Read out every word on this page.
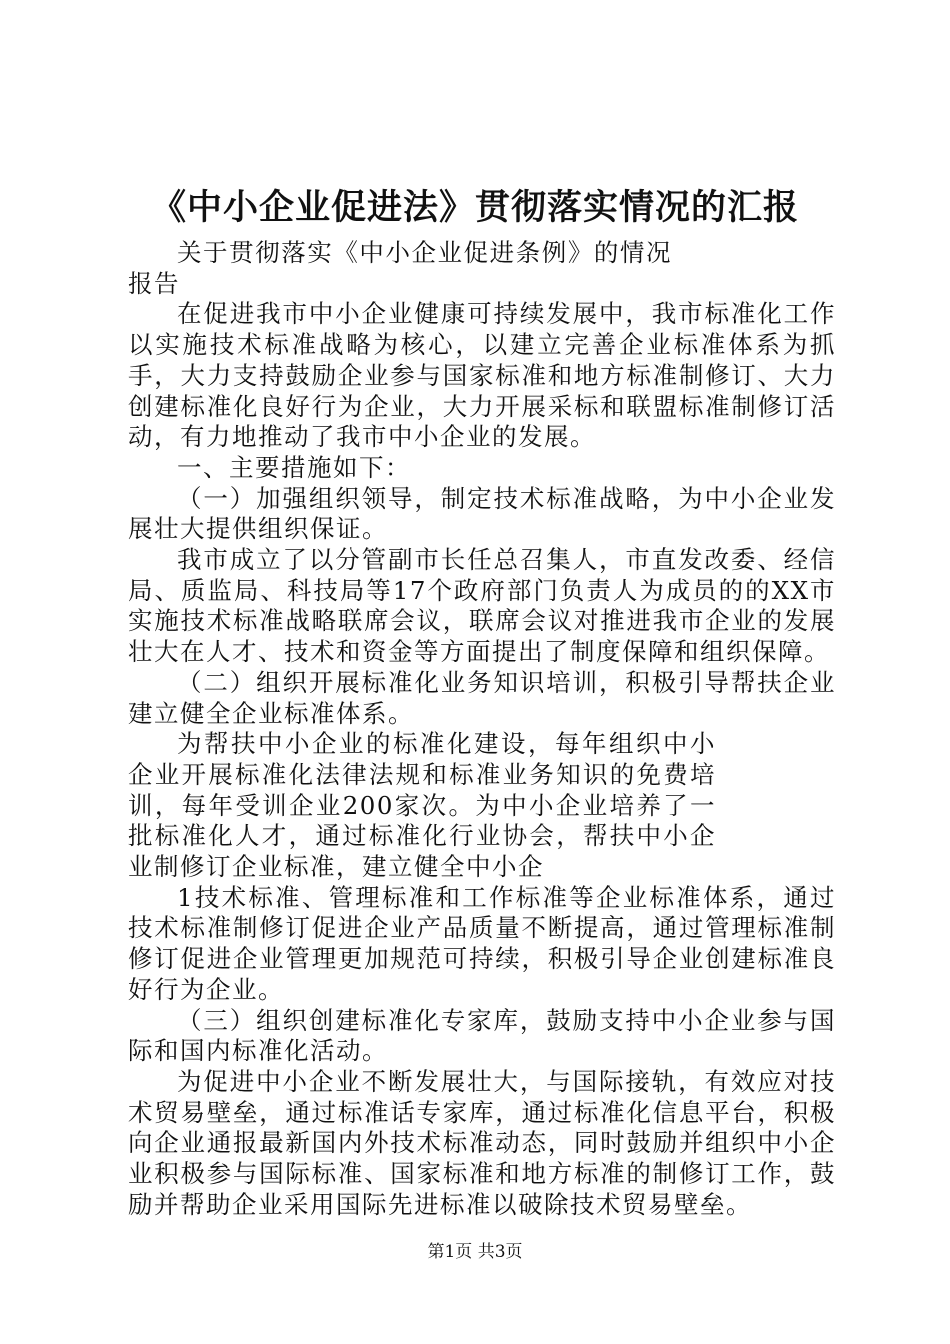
《中小企业促进法》贯彻落实情况的汇报

关于贯彻落实《中小企业促进条例》的情况报告

在促进我市中小企业健康可持续发展中，我市标准化工作以实施技术标准战略为核心，以建立完善企业标准体系为抓手，大力支持鼓励企业参与国家标准和地方标准制修订、大力创建标准化良好行为企业，大力开展采标和联盟标准制修订活动，有力地推动了我市中小企业的发展。

一、主要措施如下：

（一）加强组织领导，制定技术标准战略，为中小企业发展壮大提供组织保证。

我市成立了以分管副市长任总召集人，市直发改委、经信局、质监局、科技局等17个政府部门负责人为成员的的XX市实施技术标准战略联席会议，联席会议对推进我市企业的发展壮大在人才、技术和资金等方面提出了制度保障和组织保障。

（二）组织开展标准化业务知识培训，积极引导帮扶企业建立健全企业标准体系。

为帮扶中小企业的标准化建设，每年组织中小企业开展标准化法律法规和标准业务知识的免费培训，每年受训企业200家次。为中小企业培养了一批标准化人才，通过标准化行业协会，帮扶中小企业制修订企业标准，建立健全中小企

1技术标准、管理标准和工作标准等企业标准体系，通过技术标准制修订促进企业产品质量不断提高，通过管理标准制修订促进企业管理更加规范可持续，积极引导企业创建标准良好行为企业。

（三）组织创建标准化专家库，鼓励支持中小企业参与国际和国内标准化活动。

为促进中小企业不断发展壮大，与国际接轨，有效应对技术贸易壁垒，通过标准话专家库，通过标准化信息平台，积极向企业通报最新国内外技术标准动态，同时鼓励并组织中小企业积极参与国际标准、国家标准和地方标准的制修订工作，鼓励并帮助企业采用国际先进标准以破除技术贸易壁垒。

第1页 共3页
